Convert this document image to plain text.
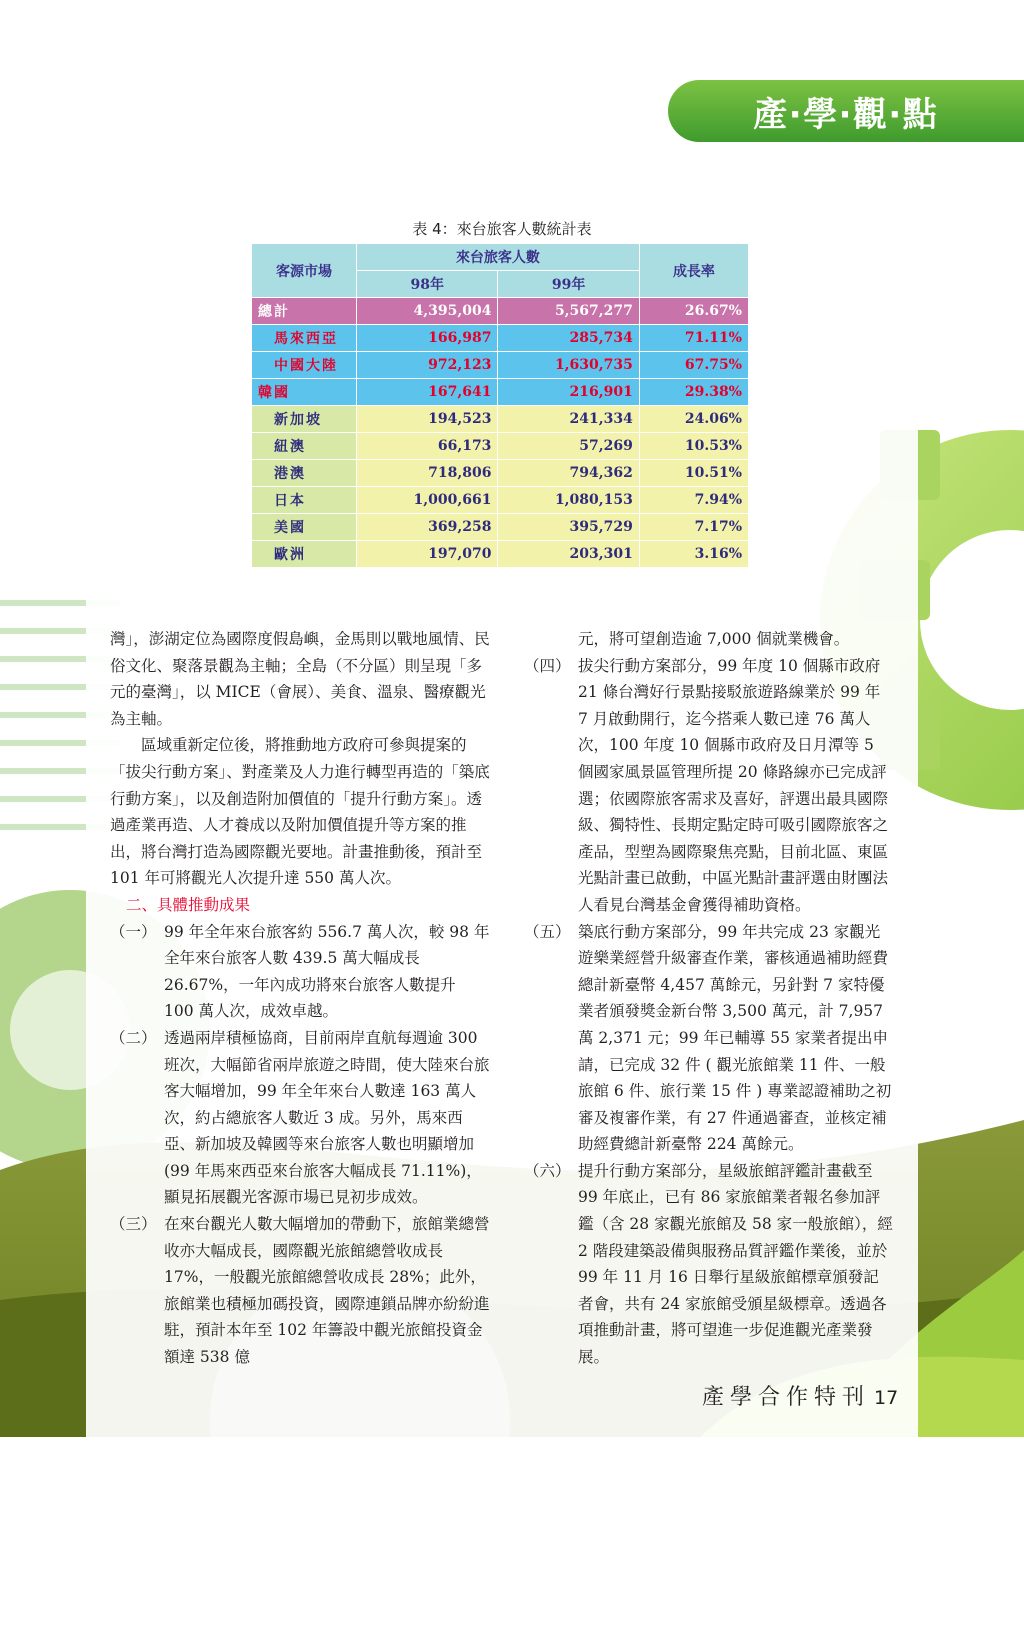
產‧學‧觀‧點
表 4：來台旅客人數統計表
客源市場	來台旅客人數		成長率
	98年	99年	
總計	4,395,004	5,567,277	26.67%
馬來西亞	166,987	285,734	71.11%
中國大陸	972,123	1,630,735	67.75%
韓國	167,641	216,901	29.38%
新加坡	194,523	241,334	24.06%
紐澳	66,173	57,269	10.53%
港澳	718,806	794,362	10.51%
日本	1,000,661	1,080,153	7.94%
美國	369,258	395,729	7.17%
歐洲	197,070	203,301	3.16%

灣」，澎湖定位為國際度假島嶼，金馬則以戰地風情、民俗文化、聚落景觀為主軸；全島（不分區）則呈現「多元的臺灣」，以 MICE（會展）、美食、溫泉、醫療觀光為主軸。

區域重新定位後，將推動地方政府可參與提案的「拔尖行動方案」、對產業及人力進行轉型再造的「築底行動方案」，以及創造附加價值的「提升行動方案」。透過產業再造、人才養成以及附加價值提升等方案的推出，將台灣打造為國際觀光要地。計畫推動後，預計至 101 年可將觀光人次提升達 550 萬人次。

二、具體推動成果

（一） 99 年全年來台旅客約 556.7 萬人次，較 98 年全年來台旅客人數 439.5 萬大幅成長 26.67%，一年內成功將來台旅客人數提升 100 萬人次，成效卓越。
（二） 透過兩岸積極協商，目前兩岸直航每週逾 300 班次，大幅節省兩岸旅遊之時間，使大陸來台旅客大幅增加，99 年全年來台人數達 163 萬人次，約占總旅客人數近 3 成。另外，馬來西亞、新加坡及韓國等來台旅客人數也明顯增加 (99 年馬來西亞來台旅客大幅成長 71.11%)，顯見拓展觀光客源市場已見初步成效。
（三） 在來台觀光人數大幅增加的帶動下，旅館業總營收亦大幅成長，國際觀光旅館總營收成長 17%，一般觀光旅館總營收成長 28%；此外，旅館業也積極加碼投資，國際連鎖品牌亦紛紛進駐，預計本年至 102 年籌設中觀光旅館投資金額達 538 億

元，將可望創造逾 7,000 個就業機會。

（四） 拔尖行動方案部分，99 年度 10 個縣市政府 21 條台灣好行景點接駁旅遊路線業於 99 年 7 月啟動開行，迄今搭乘人數已達 76 萬人次，100 年度 10 個縣市政府及日月潭等 5 個國家風景區管理所提 20 條路線亦已完成評選；依國際旅客需求及喜好，評選出最具國際級、獨特性、長期定點定時可吸引國際旅客之產品，型塑為國際聚焦亮點，目前北區、東區光點計畫已啟動，中區光點計畫評選由財團法人看見台灣基金會獲得補助資格。
（五） 築底行動方案部分，99 年共完成 23 家觀光遊樂業經營升級審查作業，審核通過補助經費總計新臺幣 4,457 萬餘元，另針對 7 家特優業者頒發獎金新台幣 3,500 萬元，計 7,957 萬 2,371 元；99 年已輔導 55 家業者提出申請，已完成 32 件 ( 觀光旅館業 11 件、一般旅館 6 件、旅行業 15 件 ) 專業認證補助之初審及複審作業，有 27 件通過審查，並核定補助經費總計新臺幣 224 萬餘元。
（六） 提升行動方案部分，星級旅館評鑑計畫截至 99 年底止，已有 86 家旅館業者報名參加評鑑（含 28 家觀光旅館及 58 家一般旅館），經 2 階段建築設備與服務品質評鑑作業後，並於 99 年 11 月 16 日舉行星級旅館標章頒發記者會，共有 24 家旅館受頒星級標章。透過各項推動計畫，將可望進一步促進觀光產業發展。
產學合作特刊 17
